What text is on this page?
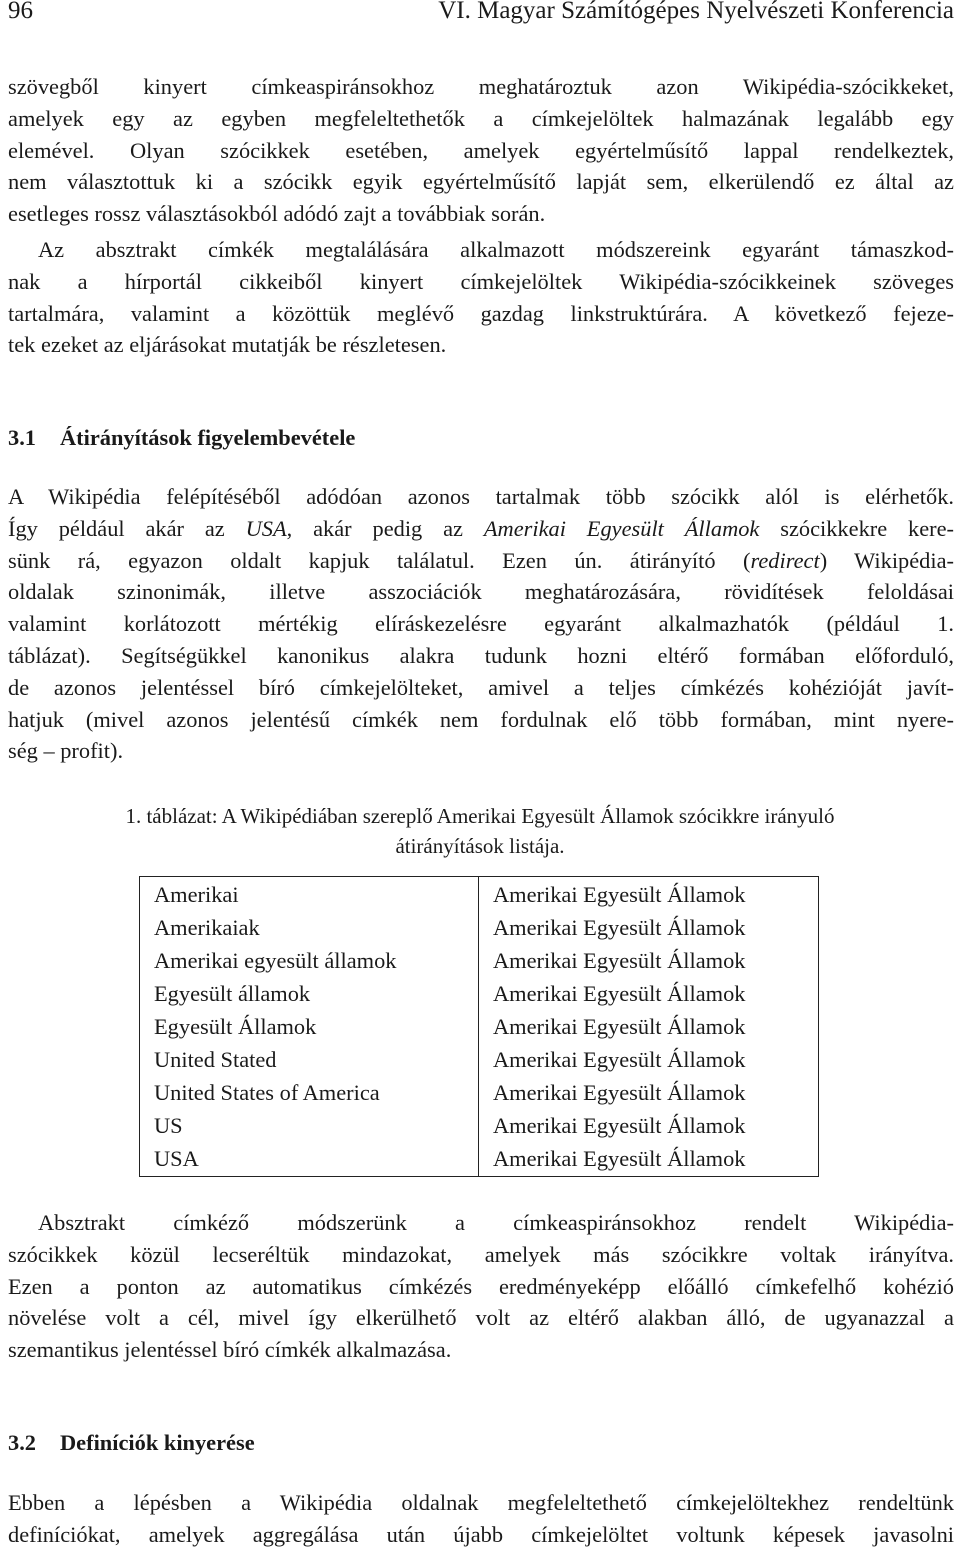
96	VI. Magyar Számítógépes Nyelvészeti Konferencia
szövegből kinyert címkeaspiránsokhoz meghatároztuk azon Wikipédia-szócikkeket,
amelyek egy az egyben megfeleltethetők a címkejelöltek halmazának legalább egy
elemével. Olyan szócikkek esetében, amelyek egyértelműsítő lappal rendelkeztek,
nem választottuk ki a szócikk egyik egyértelműsítő lapját sem, elkerülendő ez által az
esetleges rossz választásokból adódó zajt a továbbiak során.
Az absztrakt címkék megtalálására alkalmazott módszereink egyaránt támaszkod-
nak a hírportál cikkeiből kinyert címkejelöltek Wikipédia-szócikkeinek szöveges
tartalmára, valamint a közöttük meglévő gazdag linkstruktúrára. A következő fejeze-
tek ezeket az eljárásokat mutatják be részletesen.
3.1 Átirányítások figyelembevétele
A Wikipédia felépítéséből adódóan azonos tartalmak több szócikk alól is elérhetők.
Így például akár az USA, akár pedig az Amerikai Egyesült Államok szócikkekre kere-
sünk rá, egyazon oldalt kapjuk találatul. Ezen ún. átirányító (redirect) Wikipédia-
oldalak szinonimák, illetve asszociációk meghatározására, rövidítések feloldásai
valamint korlátozott mértékig elíráskezelésre egyaránt alkalmazhatók (például 1.
táblázat). Segítségükkel kanonikus alakra tudunk hozni eltérő formában előforduló,
de azonos jelentéssel bíró címkejelölteket, amivel a teljes címkézés kohézióját javít-
hatjuk (mivel azonos jelentésű címkék nem fordulnak elő több formában, mint nyere-
ség – profit).
1. táblázat: A Wikipédiában szereplő Amerikai Egyesült Államok szócikkre irányuló
átirányítások listája.
Amerikai	Amerikai Egyesült Államok
Amerikaiak	Amerikai Egyesült Államok
Amerikai egyesült államok	Amerikai Egyesült Államok
Egyesült államok	Amerikai Egyesült Államok
Egyesült Államok	Amerikai Egyesült Államok
United Stated	Amerikai Egyesült Államok
United States of America	Amerikai Egyesült Államok
US	Amerikai Egyesült Államok
USA	Amerikai Egyesült Államok
Absztrakt címkéző módszerünk a címkeaspiránsokhoz rendelt Wikipédia-
szócikkek közül lecseréltük mindazokat, amelyek más szócikkre voltak irányítva.
Ezen a ponton az automatikus címkézés eredményeképp előálló címkefelhő kohézió
növelése volt a cél, mivel így elkerülhető volt az eltérő alakban álló, de ugyanazzal a
szemantikus jelentéssel bíró címkék alkalmazása.
3.2 Definíciók kinyerése
Ebben a lépésben a Wikipédia oldalnak megfeleltethető címkejelöltekhez rendeltünk
definíciókat, amelyek aggregálása után újabb címkejelöltet voltunk képesek javasolni
